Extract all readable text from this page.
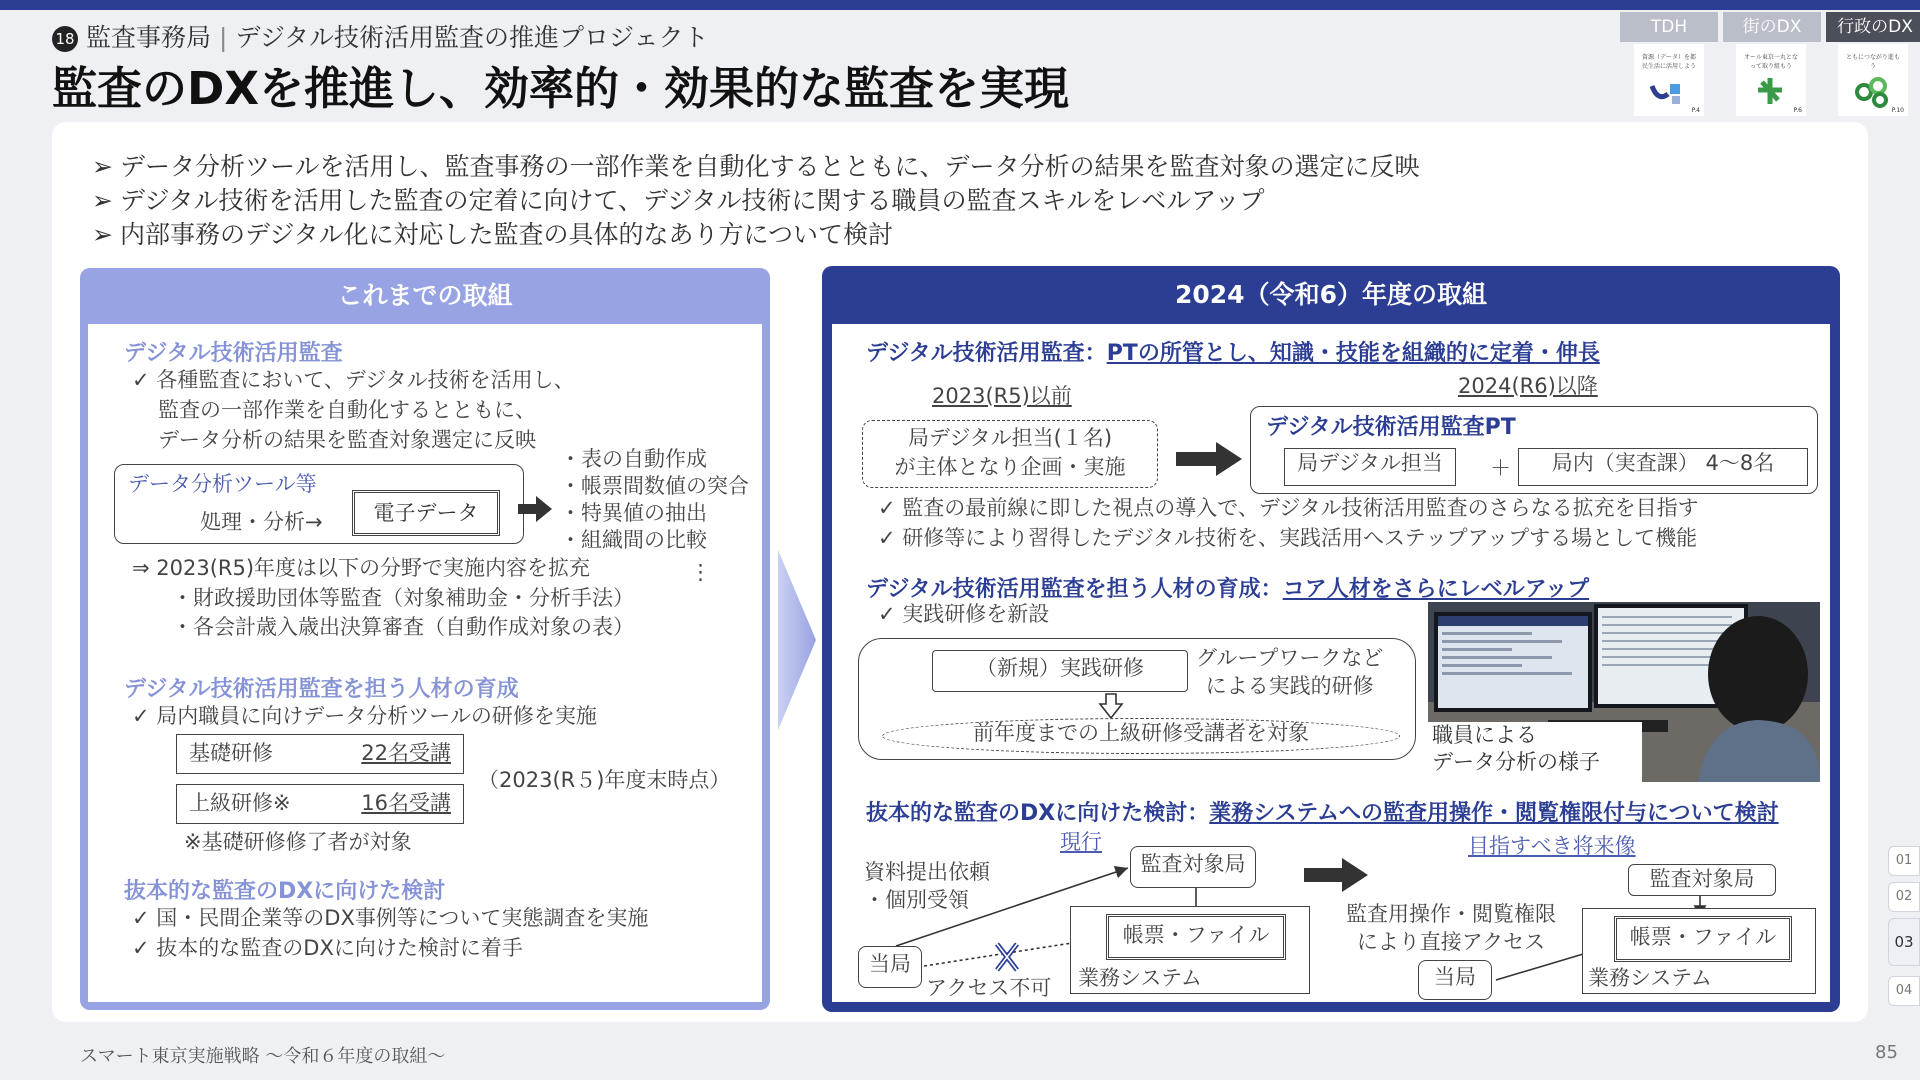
18 監査事務局 | デジタル技術活用監査の推進プロジェクト
監査のDXを推進し、効率的・効果的な監査を実現
TDH	街のDX	行政のDX
資源（データ）を都民生活に活用しよう
P.4
オール東京一丸となって取り組もう
P.6
ともにつながり進もう
P.10
➢ データ分析ツールを活用し、監査事務の一部作業を自動化するとともに、データ分析の結果を監査対象の選定に反映
➢ デジタル技術を活用した監査の定着に向けて、デジタル技術に関する職員の監査スキルをレベルアップ
➢ 内部事務のデジタル化に対応した監査の具体的なあり方について検討
これまでの取組
デジタル技術活用監査
✓ 各種監査において、デジタル技術を活用し、
監査の一部作業を自動化するとともに、
データ分析の結果を監査対象選定に反映
データ分析ツール等
処理・分析→	電子データ
・表の自動作成
・帳票間数値の突合
・特異値の抽出
・組織間の比較
⋮
⇒ 2023(R5)年度は以下の分野で実施内容を拡充
・財政援助団体等監査（対象補助金・分析手法）
・各会計歳入歳出決算審査（自動作成対象の表）
デジタル技術活用監査を担う人材の育成
✓ 局内職員に向けデータ分析ツールの研修を実施
基礎研修	22名受講
上級研修※	16名受講
（2023(R５)年度末時点）
※基礎研修修了者が対象
抜本的な監査のDXに向けた検討
✓ 国・民間企業等のDX事例等について実態調査を実施
✓ 抜本的な監査のDXに向けた検討に着手
2024（令和6）年度の取組
デジタル技術活用監査：PTの所管とし、知識・技能を組織的に定着・伸長
2023(R5)以前	2024(R6)以降
局デジタル担当(１名)
が主体となり企画・実施
デジタル技術活用監査PT
局デジタル担当	＋	局内（実査課） 4〜8名
✓ 監査の最前線に即した視点の導入で、デジタル技術活用監査のさらなる拡充を目指す
✓ 研修等により習得したデジタル技術を、実践活用へステップアップする場として機能
デジタル技術活用監査を担う人材の育成：コア人材をさらにレベルアップ
✓ 実践研修を新設
（新規）実践研修	グループワークなど
による実践的研修
前年度までの上級研修受講者を対象	職員による
データ分析の様子
抜本的な監査のDXに向けた検討：業務システムへの監査用操作・閲覧権限付与について検討
現行	目指すべき将来像
資料提出依頼
・個別受領
監査対象局
帳票・ファイル
業務システム
当局
アクセス不可
監査対象局
監査用操作・閲覧権限
により直接アクセス	帳票・ファイル
業務システム
当局
01
02
03
04
スマート東京実施戦略 〜令和６年度の取組〜	85
